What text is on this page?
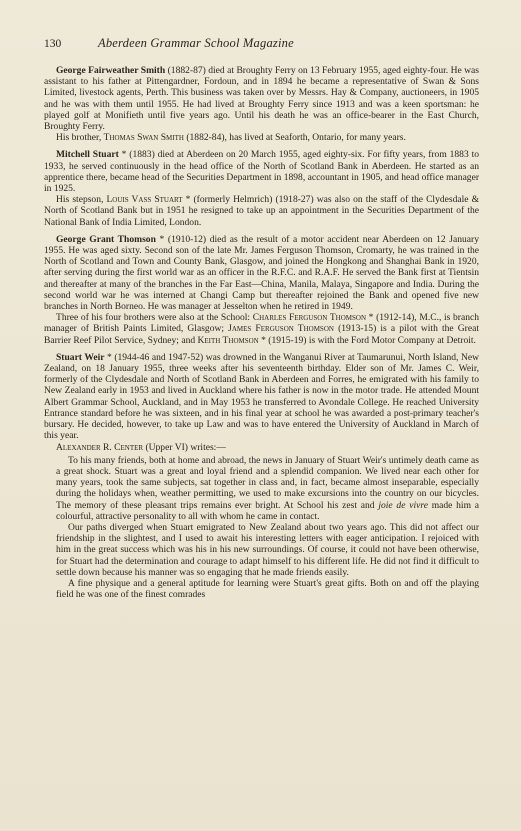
130	Aberdeen Grammar School Magazine

George Fairweather Smith (1882-87) died at Broughty Ferry on 13 February 1955, aged eighty-four. He was assistant to his father at Pittengardner, Fordoun, and in 1894 he became a representative of Swan & Sons Limited, livestock agents, Perth. This business was taken over by Messrs. Hay & Company, auctioneers, in 1905 and he was with them until 1955. He had lived at Broughty Ferry since 1913 and was a keen sportsman: he played golf at Monifieth until five years ago. Until his death he was an office-bearer in the East Church, Broughty Ferry.

His brother, Thomas Swan Smith (1882-84), has lived at Seaforth, Ontario, for many years.

Mitchell Stuart * (1883) died at Aberdeen on 20 March 1955, aged eighty-six. For fifty years, from 1883 to 1933, he served continuously in the head office of the North of Scotland Bank in Aberdeen. He started as an apprentice there, became head of the Securities Department in 1898, accountant in 1905, and head office manager in 1925.

His stepson, Louis Vass Stuart * (formerly Helmrich) (1918-27) was also on the staff of the Clydesdale & North of Scotland Bank but in 1951 he resigned to take up an appointment in the Securities Department of the National Bank of India Limited, London.

George Grant Thomson * (1910-12) died as the result of a motor accident near Aberdeen on 12 January 1955. He was aged sixty. Second son of the late Mr. James Ferguson Thomson, Cromarty, he was trained in the North of Scotland and Town and County Bank, Glasgow, and joined the Hongkong and Shanghai Bank in 1920, after serving during the first world war as an officer in the R.F.C. and R.A.F. He served the Bank first at Tientsin and thereafter at many of the branches in the Far East—China, Manila, Malaya, Singapore and India. During the second world war he was interned at Changi Camp but thereafter rejoined the Bank and opened five new branches in North Borneo. He was manager at Jesselton when he retired in 1949.

Three of his four brothers were also at the School: Charles Ferguson Thomson * (1912-14), M.C., is branch manager of British Paints Limited, Glasgow; James Ferguson Thomson (1913-15) is a pilot with the Great Barrier Reef Pilot Service, Sydney; and Keith Thomson * (1915-19) is with the Ford Motor Company at Detroit.

Stuart Weir * (1944-46 and 1947-52) was drowned in the Wanganui River at Taumarunui, North Island, New Zealand, on 18 January 1955, three weeks after his seventeenth birthday. Elder son of Mr. James C. Weir, formerly of the Clydesdale and North of Scotland Bank in Aberdeen and Forres, he emigrated with his family to New Zealand early in 1953 and lived in Auckland where his father is now in the motor trade. He attended Mount Albert Grammar School, Auckland, and in May 1953 he transferred to Avondale College. He reached University Entrance standard before he was sixteen, and in his final year at school he was awarded a post-primary teacher's bursary. He decided, however, to take up Law and was to have entered the University of Auckland in March of this year.

Alexander R. Center (Upper VI) writes:—

To his many friends, both at home and abroad, the news in January of Stuart Weir's untimely death came as a great shock. Stuart was a great and loyal friend and a splendid companion. We lived near each other for many years, took the same subjects, sat together in class and, in fact, became almost inseparable, especially during the holidays when, weather permitting, we used to make excursions into the country on our bicycles. The memory of these pleasant trips remains ever bright. At School his zest and joie de vivre made him a colourful, attractive personality to all with whom he came in contact.

Our paths diverged when Stuart emigrated to New Zealand about two years ago. This did not affect our friendship in the slightest, and I used to await his interesting letters with eager anticipation. I rejoiced with him in the great success which was his in his new surroundings. Of course, it could not have been otherwise, for Stuart had the determination and courage to adapt himself to his different life. He did not find it difficult to settle down because his manner was so engaging that he made friends easily.

A fine physique and a general aptitude for learning were Stuart's great gifts. Both on and off the playing field he was one of the finest comrades
